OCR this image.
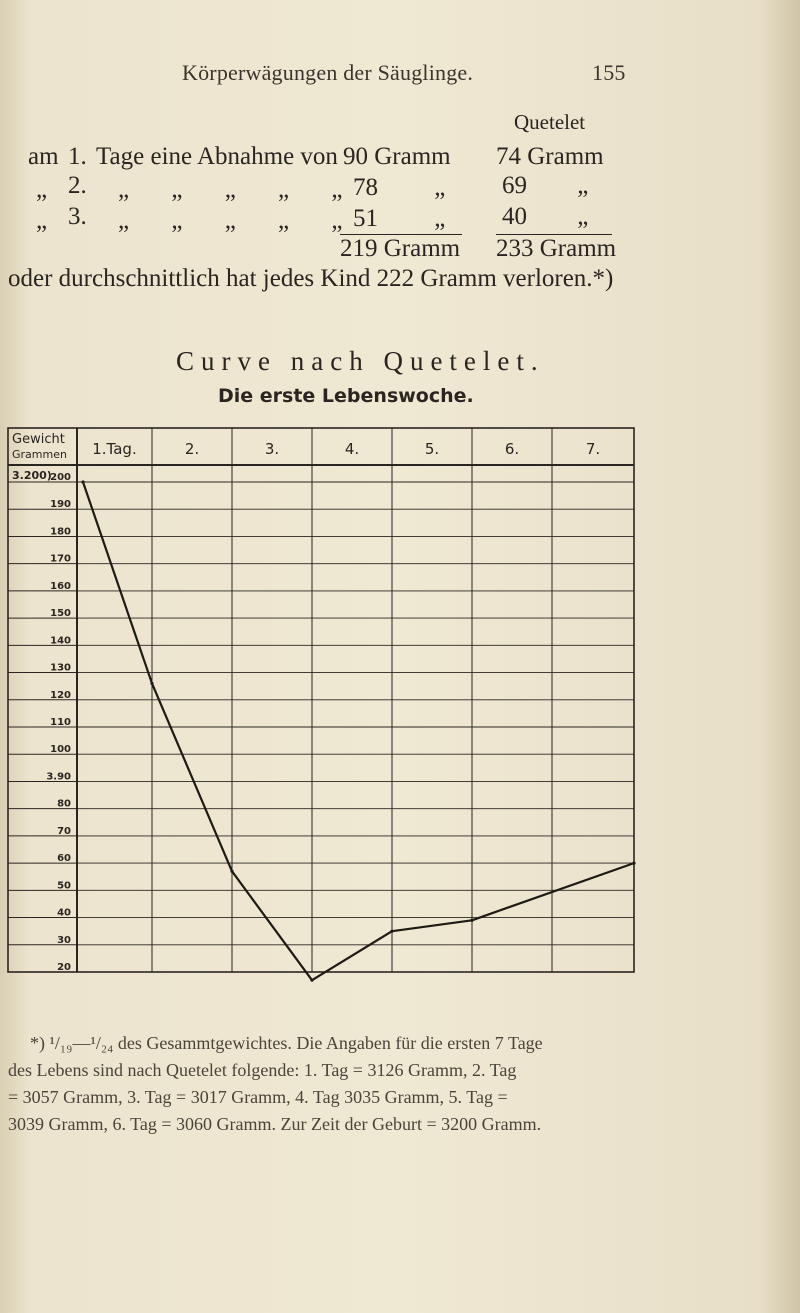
Körperwägungen der Säuglinge.	155
Quetelet
am 1. Tage eine Abnahme von 90 Gramm 74 Gramm
„ 2. „ „ „ „ „ 78 „ 69 „
„ 3. „ „ „ „ „ 51 „ 40 „
219 Gramm 233 Gramm
oder durchschnittlich hat jedes Kind 222 Gramm verloren.*)
Curve nach Quetelet.
Die erste Lebenswoche.
Gewicht
Grammen 1.Tag.	2.	3.	4.	5.	6.	7.
3.200)
200
190
180
170
160
150
140
130
120
110
100
3.90
80
70
60
50
40
30
20
*) ¹/₁₉—¹/₂₄ des Gesammtgewichtes. Die Angaben für die ersten 7 Tage
des Lebens sind nach Quetelet folgende: 1. Tag = 3126 Gramm, 2. Tag
= 3057 Gramm, 3. Tag = 3017 Gramm, 4. Tag 3035 Gramm, 5. Tag =
3039 Gramm, 6. Tag = 3060 Gramm. Zur Zeit der Geburt = 3200 Gramm.
